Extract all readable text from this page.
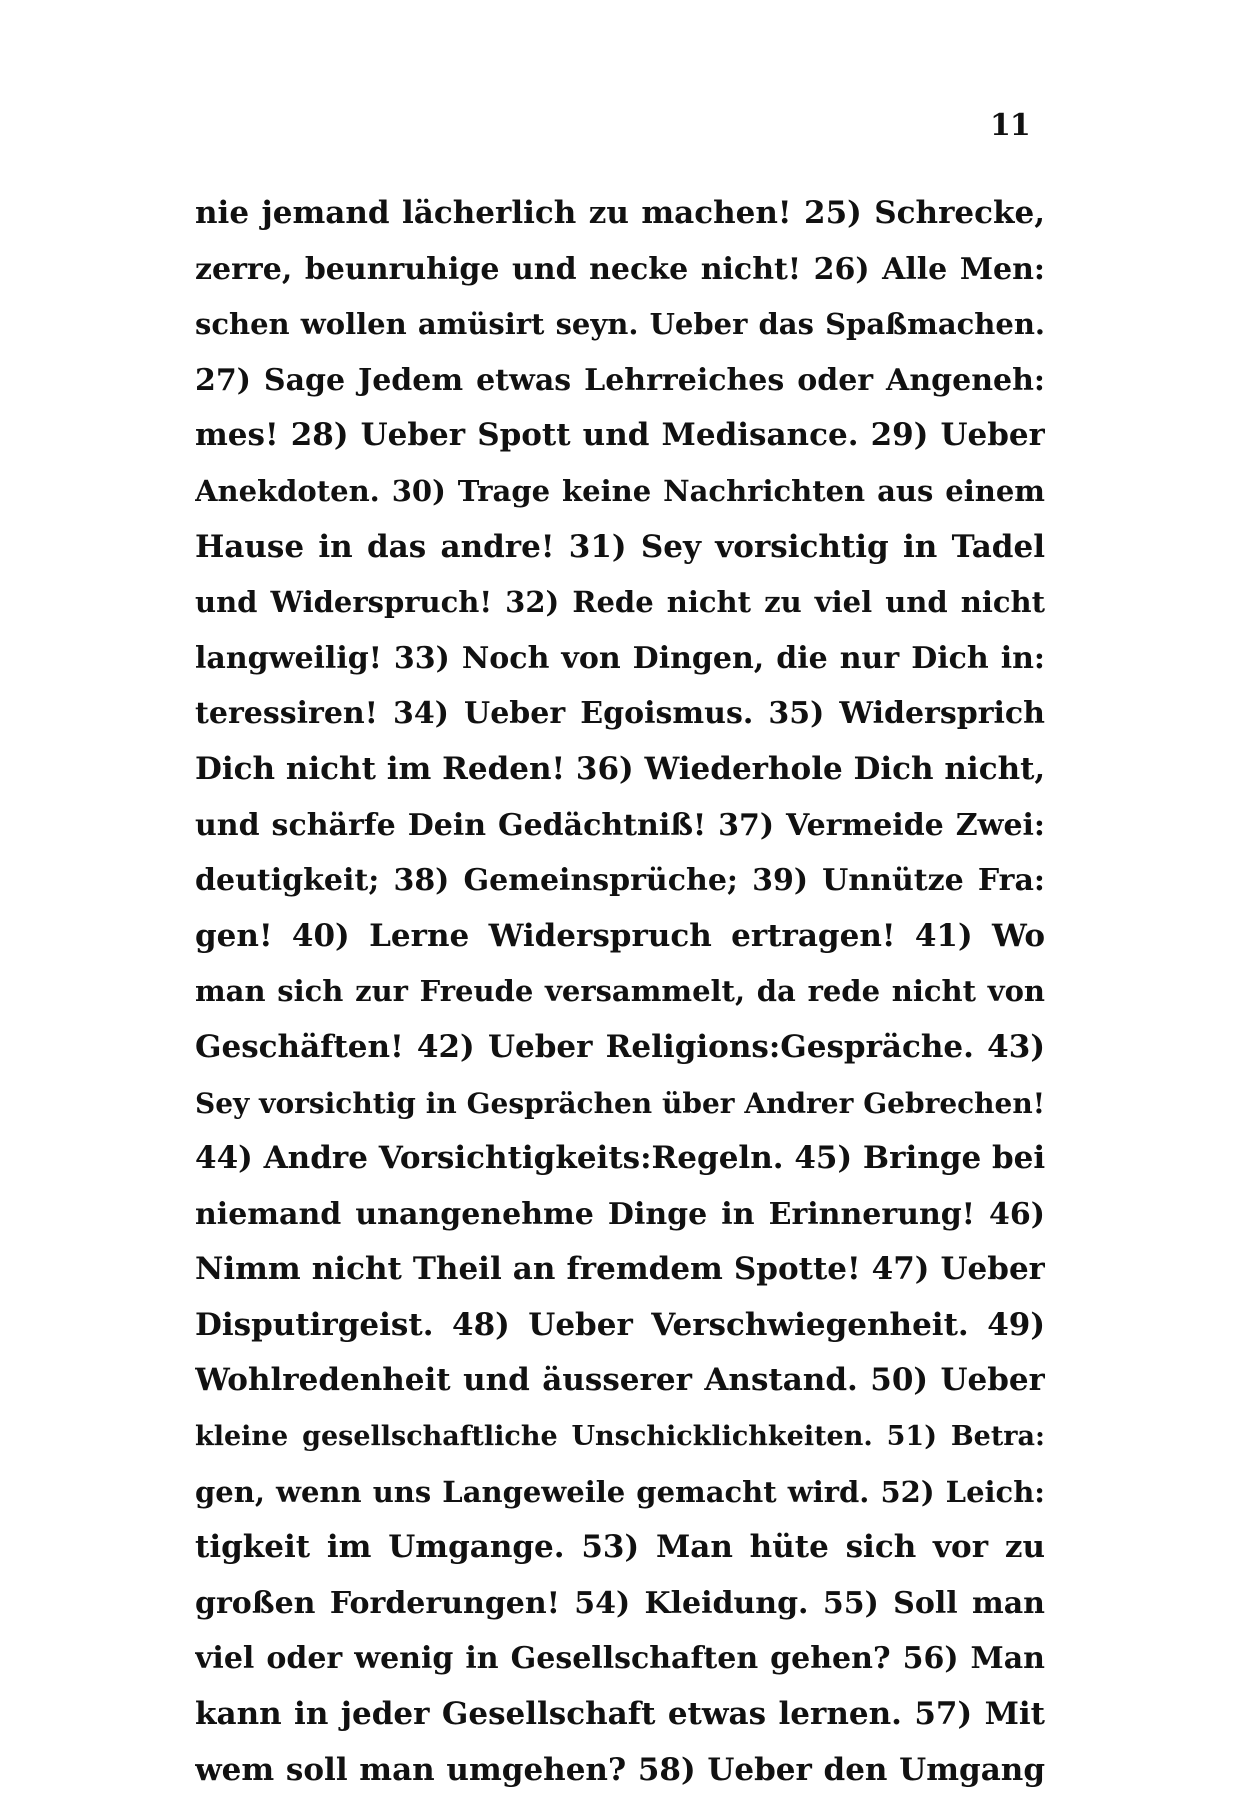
11
nie jemand lächerlich zu machen! 25) Schrecke,
zerre, beunruhige und necke nicht! 26) Alle Men:
schen wollen amüsirt seyn. Ueber das Spaßmachen.
27) Sage Jedem etwas Lehrreiches oder Angeneh:
mes! 28) Ueber Spott und Medisance. 29) Ueber
Anekdoten. 30) Trage keine Nachrichten aus einem
Hause in das andre! 31) Sey vorsichtig in Tadel
und Widerspruch! 32) Rede nicht zu viel und nicht
langweilig! 33) Noch von Dingen, die nur Dich in:
teressiren! 34) Ueber Egoismus. 35) Widersprich
Dich nicht im Reden! 36) Wiederhole Dich nicht,
und schärfe Dein Gedächtniß! 37) Vermeide Zwei:
deutigkeit; 38) Gemeinsprüche; 39) Unnütze Fra:
gen! 40) Lerne Widerspruch ertragen! 41) Wo
man sich zur Freude versammelt, da rede nicht von
Geschäften! 42) Ueber Religions:Gespräche. 43)
Sey vorsichtig in Gesprächen über Andrer Gebrechen!
44) Andre Vorsichtigkeits:Regeln. 45) Bringe bei
niemand unangenehme Dinge in Erinnerung! 46)
Nimm nicht Theil an fremdem Spotte! 47) Ueber
Disputirgeist. 48) Ueber Verschwiegenheit. 49)
Wohlredenheit und äusserer Anstand. 50) Ueber
kleine gesellschaftliche Unschicklichkeiten. 51) Betra:
gen, wenn uns Langeweile gemacht wird. 52) Leich:
tigkeit im Umgange. 53) Man hüte sich vor zu
großen Forderungen! 54) Kleidung. 55) Soll man
viel oder wenig in Gesellschaften gehen? 56) Man
kann in jeder Gesellschaft etwas lernen. 57) Mit
wem soll man umgehen? 58) Ueber den Umgang
